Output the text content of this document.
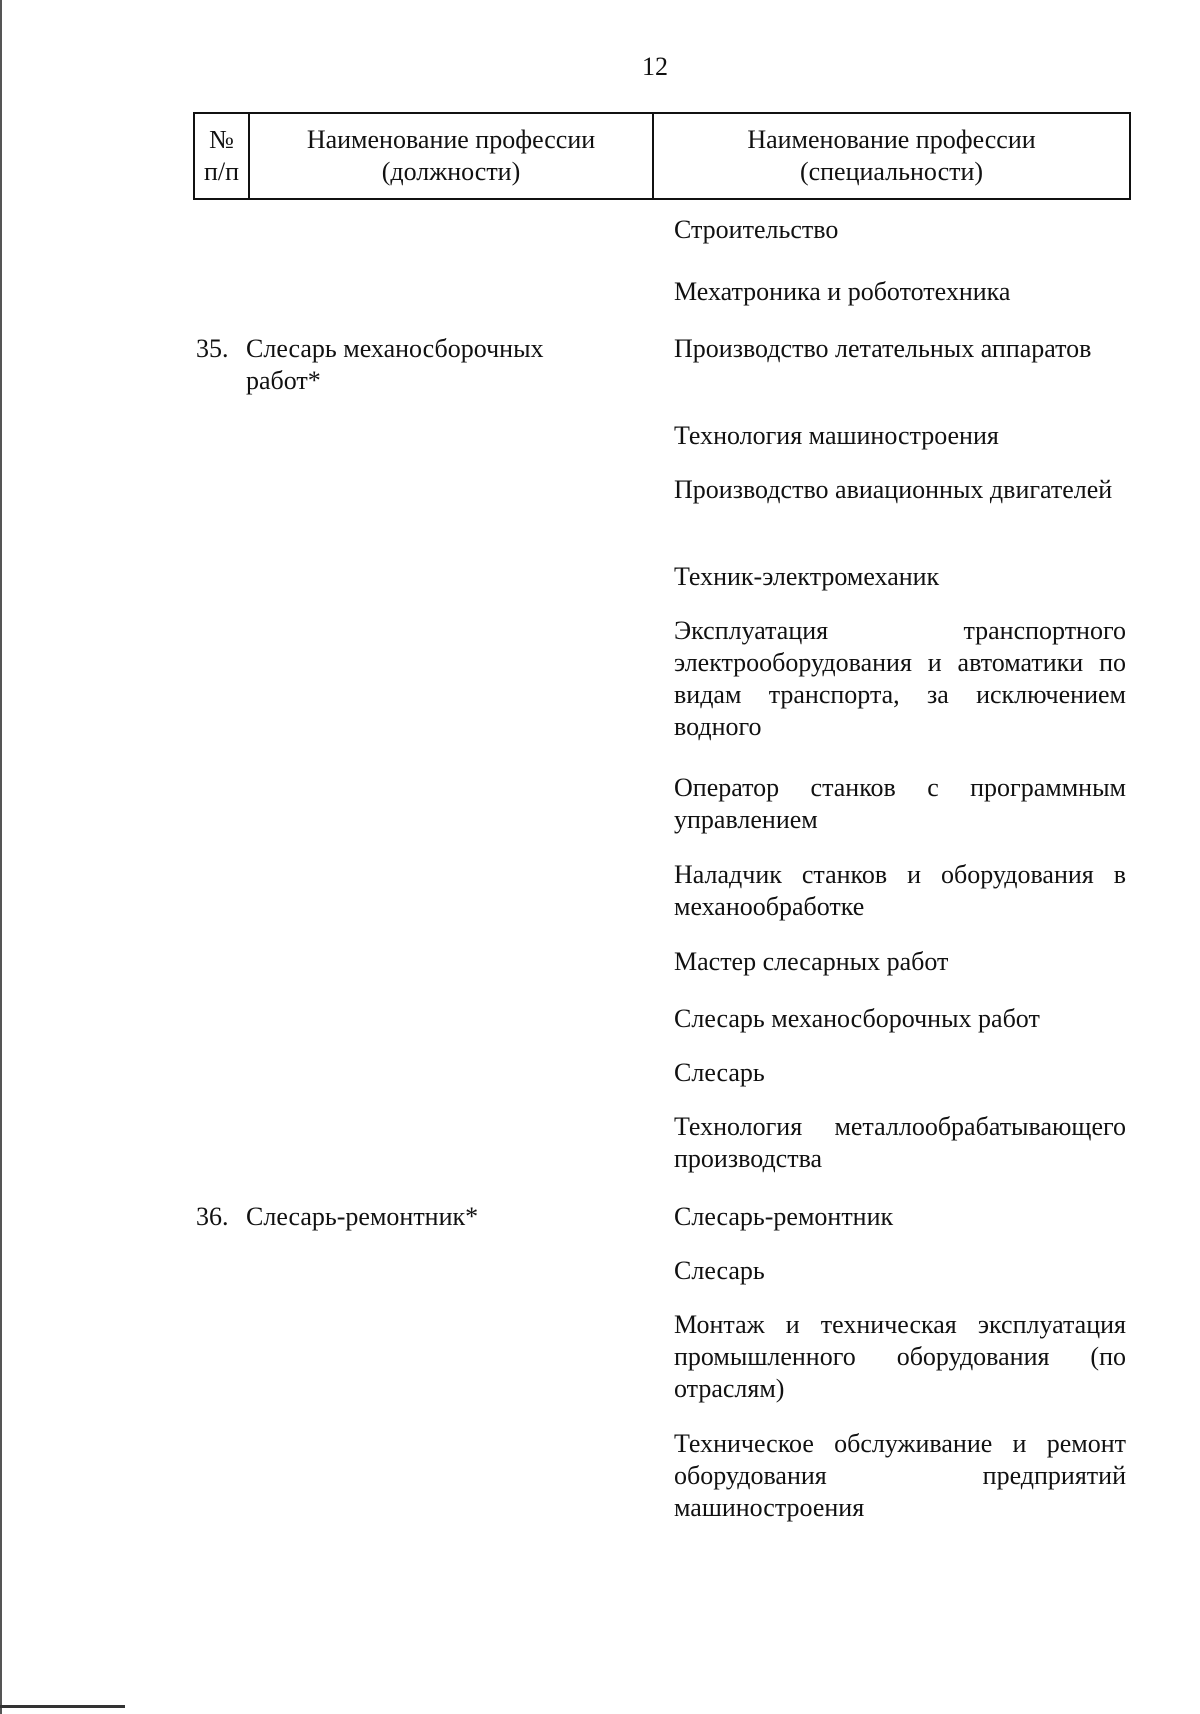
12
№
п/п
Наименование профессии
(должности)
Наименование профессии
(специальности)
35. Слесарь механосборочных работ*
36. Слесарь-ремонтник*
Строительство
Мехатроника и робототехника
Производство летательных аппаратов
Технология машиностроения
Производство авиационных двигателей
Техник-электромеханик
Эксплуатация транспортного электрооборудования и автоматики по видам транспорта, за исключением водного
Оператор станков с программным управлением
Наладчик станков и оборудования в механообработке
Мастер слесарных работ
Слесарь механосборочных работ
Слесарь
Технология металлообрабатывающего производства
Слесарь-ремонтник
Слесарь
Монтаж и техническая эксплуатация промышленного оборудования (по отраслям)
Техническое обслуживание и ремонт оборудования предприятий машиностроения
